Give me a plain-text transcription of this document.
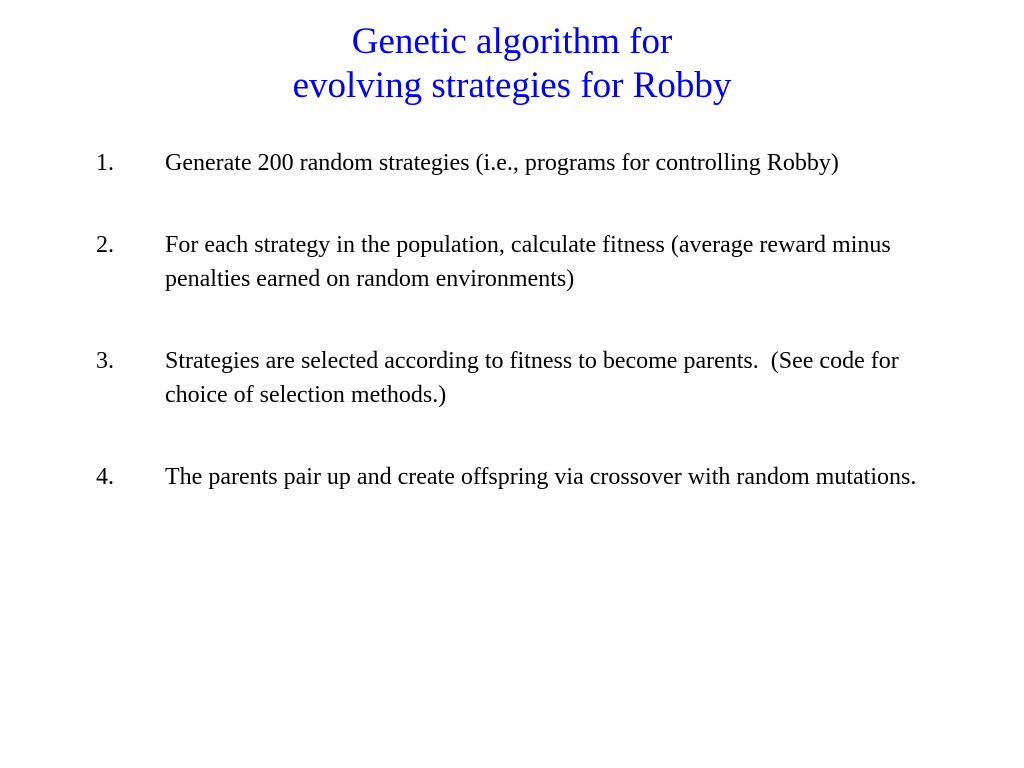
Genetic algorithm for
evolving strategies for Robby
1. Generate 200 random strategies (i.e., programs for controlling Robby)
2. For each strategy in the population, calculate fitness (average reward minus penalties earned on random environments)
3. Strategies are selected according to fitness to become parents.  (See code for choice of selection methods.)
4. The parents pair up and create offspring via crossover with random mutations.
